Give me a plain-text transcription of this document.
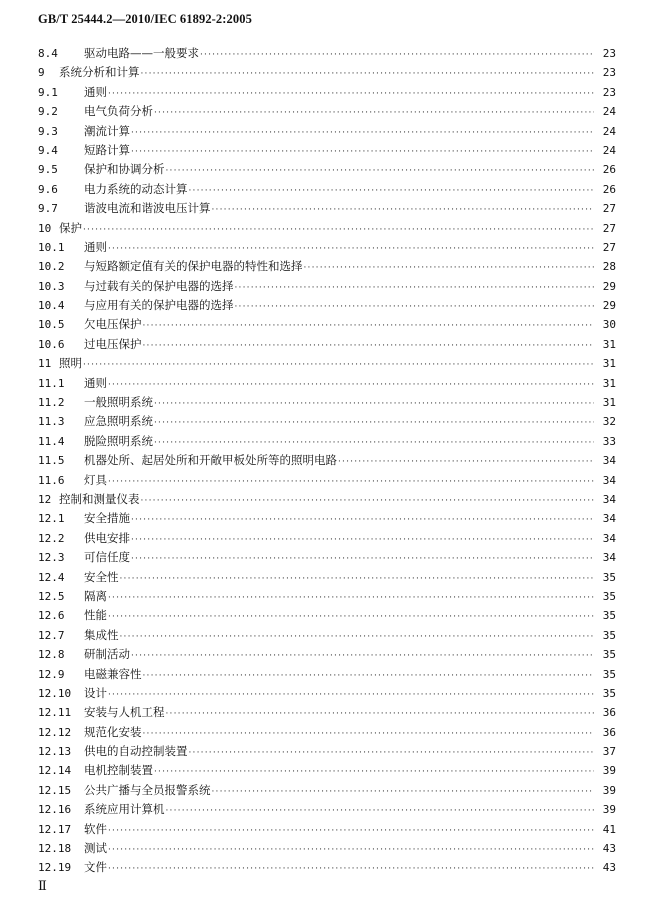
GB/T 25444.2—2010/IEC 61892-2:2005
8.4 驱动电路——一般要求 ·····	23
9 系统分析和计算 ·····	23
9.1 通则 ·····	23
9.2 电气负荷分析 ·····	24
9.3 潮流计算 ·····	24
9.4 短路计算 ·····	24
9.5 保护和协调分析 ·····	26
9.6 电力系统的动态计算 ·····	26
9.7 谐波电流和谐波电压计算 ·····	27
10 保护 ·····	27
10.1 通则 ·····	27
10.2 与短路额定值有关的保护电器的特性和选择 ·····	28
10.3 与过载有关的保护电器的选择 ·····	29
10.4 与应用有关的保护电器的选择 ·····	29
10.5 欠电压保护 ·····	30
10.6 过电压保护 ·····	31
11 照明 ·····	31
11.1 通则 ·····	31
11.2 一般照明系统 ·····	31
11.3 应急照明系统 ·····	32
11.4 脱险照明系统 ·····	33
11.5 机器处所、起居处所和开敞甲板处所等的照明电路 ·····	34
11.6 灯具 ·····	34
12 控制和测量仪表 ·····	34
12.1 安全措施 ·····	34
12.2 供电安排 ·····	34
12.3 可信任度 ·····	34
12.4 安全性 ·····	35
12.5 隔离 ·····	35
12.6 性能 ·····	35
12.7 集成性 ·····	35
12.8 研制活动 ·····	35
12.9 电磁兼容性 ·····	35
12.10 设计 ·····	35
12.11 安装与人机工程 ·····	36
12.12 规范化安装 ·····	36
12.13 供电的自动控制装置 ·····	37
12.14 电机控制装置 ·····	39
12.15 公共广播与全员报警系统 ·····	39
12.16 系统应用计算机 ·····	39
12.17 软件 ·····	41
12.18 测试 ·····	43
12.19 文件 ·····	43
Ⅱ
